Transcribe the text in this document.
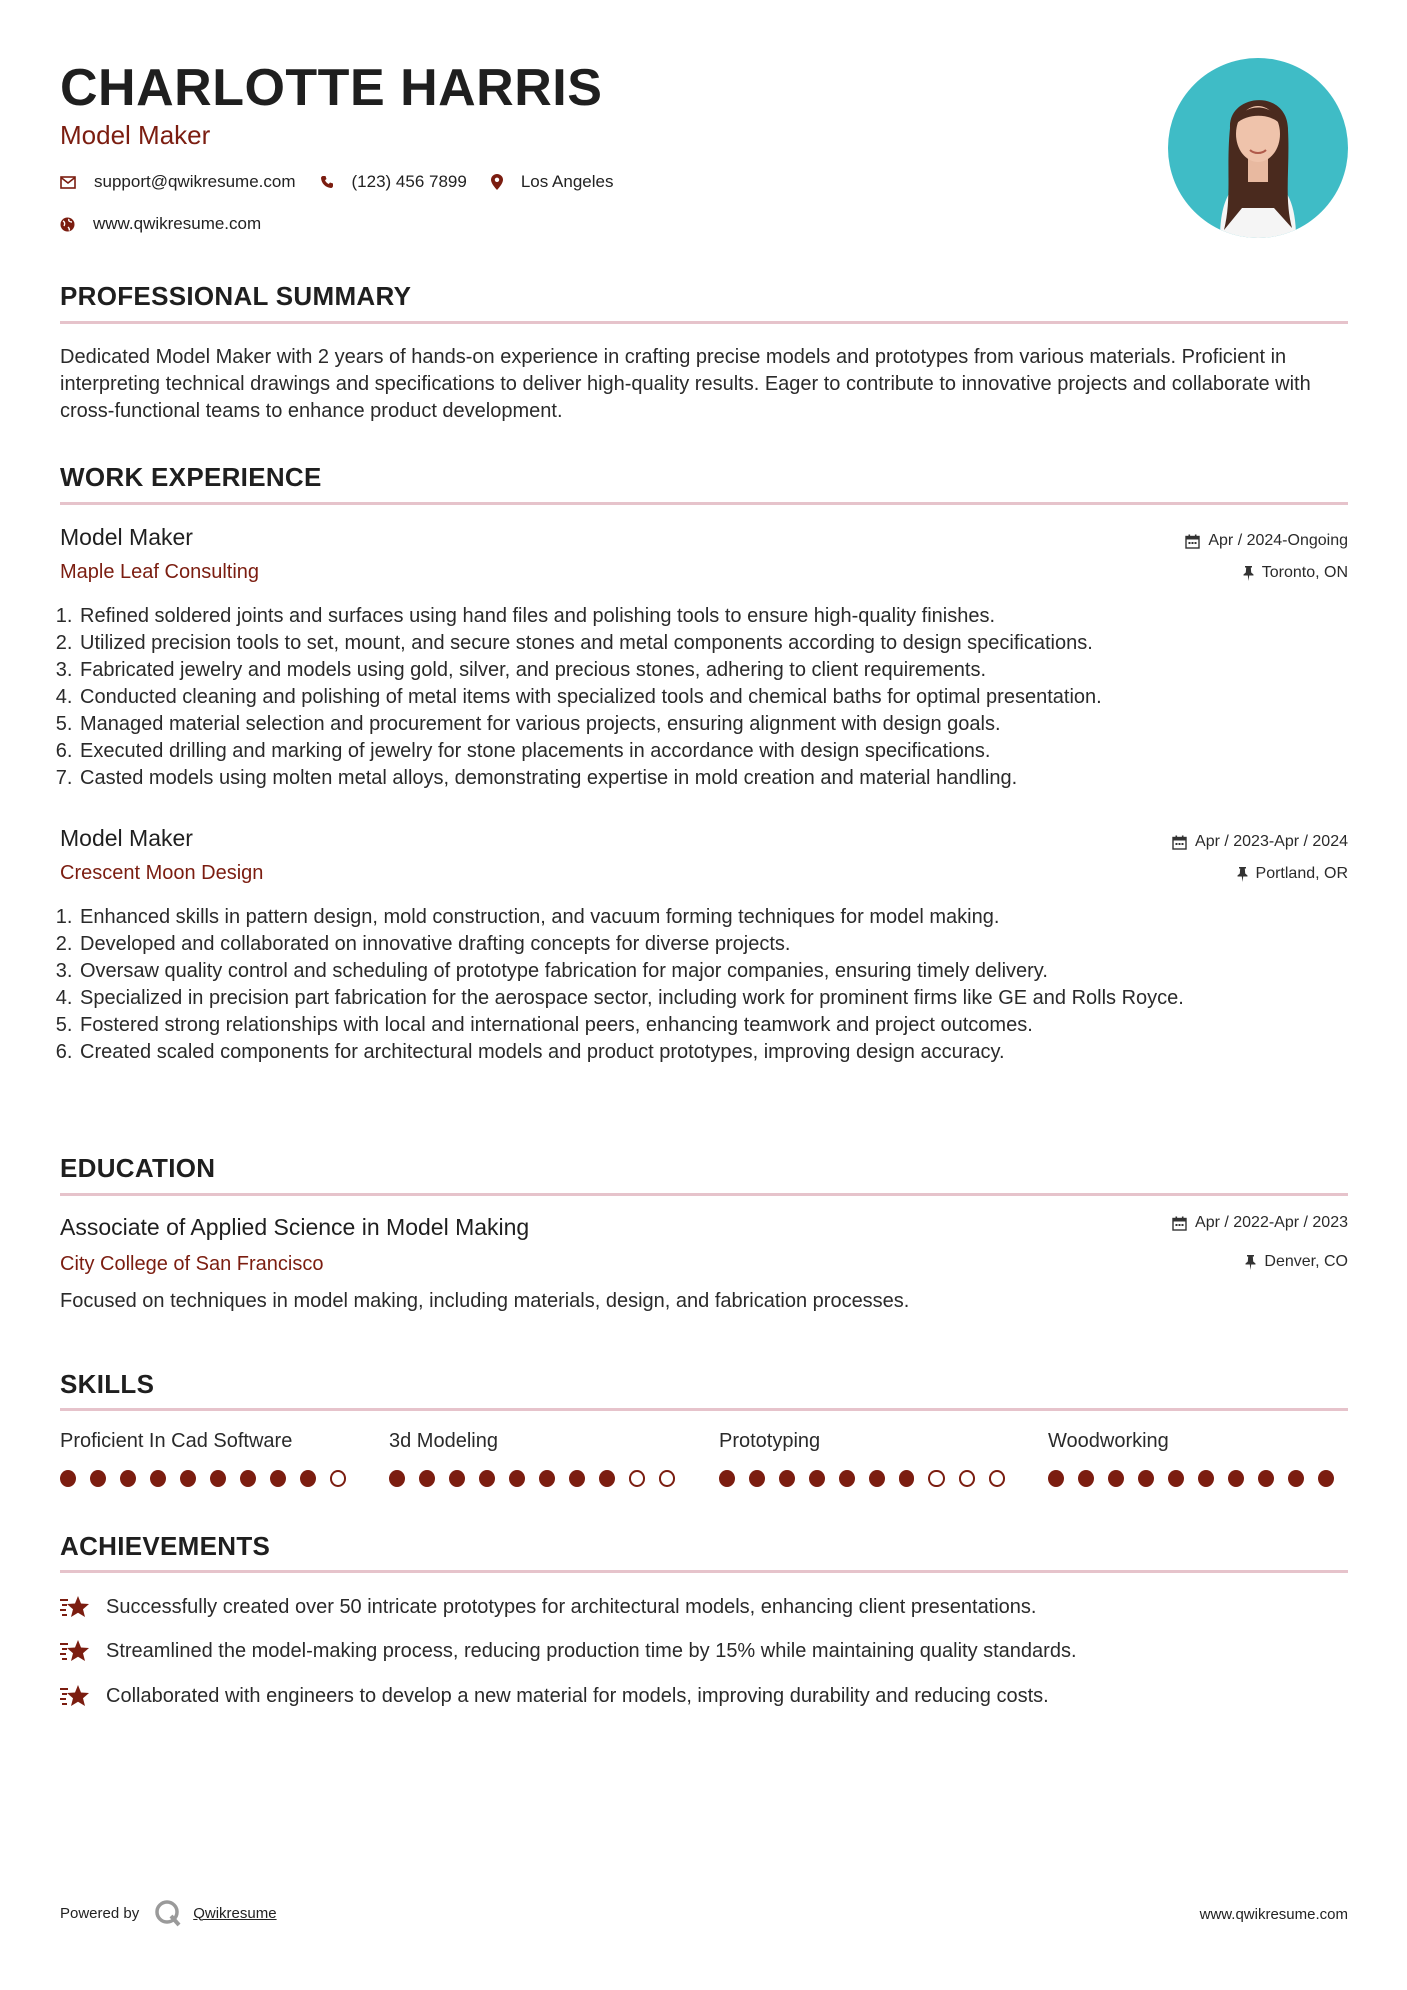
CHARLOTTE HARRIS
Model Maker
support@qwikresume.com	(123) 456 7899	Los Angeles
www.qwikresume.com
PROFESSIONAL SUMMARY

Dedicated Model Maker with 2 years of hands-on experience in crafting precise models and prototypes from various materials. Proficient in interpreting technical drawings and specifications to deliver high-quality results. Eager to contribute to innovative projects and collaborate with cross-functional teams to enhance product development.

WORK EXPERIENCE
Model Maker	Apr / 2024-Ongoing
Maple Leaf Consulting	Toronto, ON
1. Refined soldered joints and surfaces using hand files and polishing tools to ensure high-quality finishes.
2. Utilized precision tools to set, mount, and secure stones and metal components according to design specifications.
3. Fabricated jewelry and models using gold, silver, and precious stones, adhering to client requirements.
4. Conducted cleaning and polishing of metal items with specialized tools and chemical baths for optimal presentation.
5. Managed material selection and procurement for various projects, ensuring alignment with design goals.
6. Executed drilling and marking of jewelry for stone placements in accordance with design specifications.
7. Casted models using molten metal alloys, demonstrating expertise in mold creation and material handling.
Model Maker	Apr / 2023-Apr / 2024
Crescent Moon Design	Portland, OR
1. Enhanced skills in pattern design, mold construction, and vacuum forming techniques for model making.
2. Developed and collaborated on innovative drafting concepts for diverse projects.
3. Oversaw quality control and scheduling of prototype fabrication for major companies, ensuring timely delivery.
4. Specialized in precision part fabrication for the aerospace sector, including work for prominent firms like GE and Rolls Royce.
5. Fostered strong relationships with local and international peers, enhancing teamwork and project outcomes.
6. Created scaled components for architectural models and product prototypes, improving design accuracy.
EDUCATION
Associate of Applied Science in Model Making	Apr / 2022-Apr / 2023
City College of San Francisco	Denver, CO
Focused on techniques in model making, including materials, design, and fabrication processes.
SKILLS
Proficient In Cad Software	3d Modeling	Prototyping	Woodworking
ACHIEVEMENTS
Successfully created over 50 intricate prototypes for architectural models, enhancing client presentations.
Streamlined the model-making process, reducing production time by 15% while maintaining quality standards.
Collaborated with engineers to develop a new material for models, improving durability and reducing costs.
Powered by	Qwikresume	www.qwikresume.com
